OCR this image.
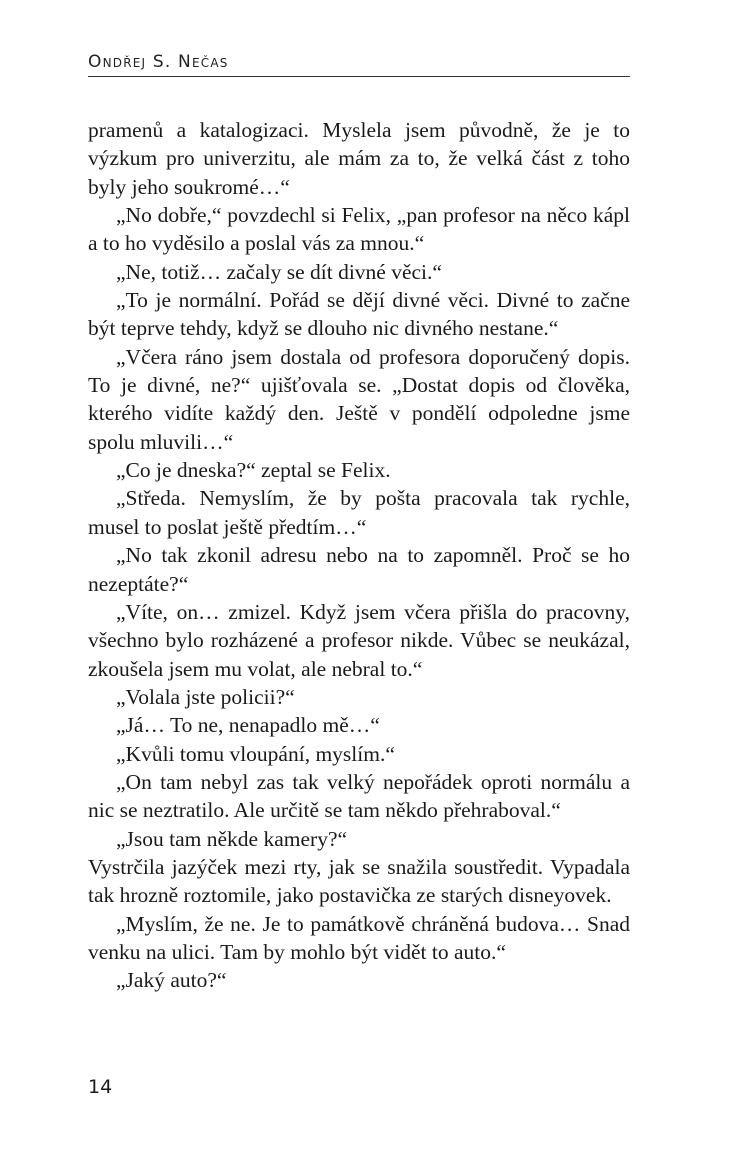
Ondřej S. Nečas

pramenů a katalogizaci. Myslela jsem původně, že je to výzkum pro univerzitu, ale mám za to, že velká část z toho byly jeho soukromé…“

„No dobře,“ povzdechl si Felix, „pan profesor na něco kápl a to ho vyděsilo a poslal vás za mnou.“

„Ne, totiž… začaly se dít divné věci.“

„To je normální. Pořád se dějí divné věci. Divné to začne být teprve tehdy, když se dlouho nic divného nestane.“

„Včera ráno jsem dostala od profesora doporučený dopis. To je divné, ne?“ ujišťovala se. „Dostat dopis od člověka, kterého vidíte každý den. Ještě v pondělí odpoledne jsme spolu mluvili…“

„Co je dneska?“ zeptal se Felix.

„Středa. Nemyslím, že by pošta pracovala tak rychle, musel to poslat ještě předtím…“

„No tak zkonil adresu nebo na to zapomněl. Proč se ho nezeptáte?“

„Víte, on… zmizel. Když jsem včera přišla do pracovny, všechno bylo rozházené a profesor nikde. Vůbec se neukázal, zkoušela jsem mu volat, ale nebral to.“

„Volala jste policii?“

„Já… To ne, nenapadlo mě…“

„Kvůli tomu vloupání, myslím.“

„On tam nebyl zas tak velký nepořádek oproti normálu a nic se neztratilo. Ale určitě se tam někdo přehraboval.“

„Jsou tam někde kamery?“

Vystrčila jazýček mezi rty, jak se snažila soustředit. Vypadala tak hrozně roztomile, jako postavička ze starých disneyovek.

„Myslím, že ne. Je to památkově chráněná budova… Snad venku na ulici. Tam by mohlo být vidět to auto.“

„Jaký auto?“

14
